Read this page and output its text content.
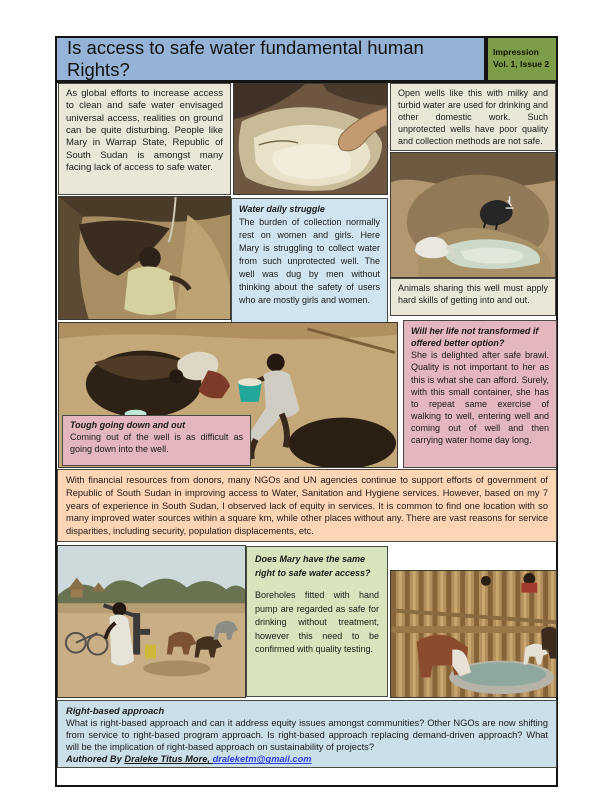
Is access to safe water fundamental human Rights?
Impression
Vol. 1, Issue 2

As global efforts to increase access to clean and safe water envisaged universal access, realities on ground can be quite disturbing. People like Mary in Warrap State, Republic of South Sudan is amongst many facing lack of access to safe water.

Open wells like this with milky and turbid water are used for drinking and other domestic work. Such unprotected wells have poor quality and collection methods are not safe.

Water daily struggle

The burden of collection normally rest on women and girls. Here Mary is struggling to collect water from such unprotected well. The well was dug by men without thinking about the safety of users who are mostly girls and women.

Animals sharing this well must apply hard skills of getting into and out.

Will her life not transformed if offered better option?

She is delighted after safe brawl. Quality is not important to her as this is what she can afford. Surely, with this small container, she has to repeat same exercise of walking to well, entering well and coming out of well and then carrying water home day long.

Tough going down and out

Coming out of the well is as difficult as going down into the well.

With financial resources from donors, many NGOs and UN agencies continue to support efforts of government of Republic of South Sudan in improving access to Water, Sanitation and Hygiene services. However, based on my 7 years of experience in South Sudan, I observed lack of equity in services. It is common to find one location with so many improved water sources within a square km, while other places without any. There are vast reasons for service disparities, including security, population displacements, etc.

Does Mary have the same right to safe water access?

Boreholes fitted with hand pump are regarded as safe for drinking without treatment, however this need to be confirmed with quality testing.

Right-based approach

What is right-based approach and can it address equity issues amongst communities? Other NGOs are now shifting from service to right-based program approach. Is right-based approach replacing demand-driven approach? What will be the implication of right-based approach on sustainability of projects?

Authored By Draleke Titus More, draleketm@gmail.com
